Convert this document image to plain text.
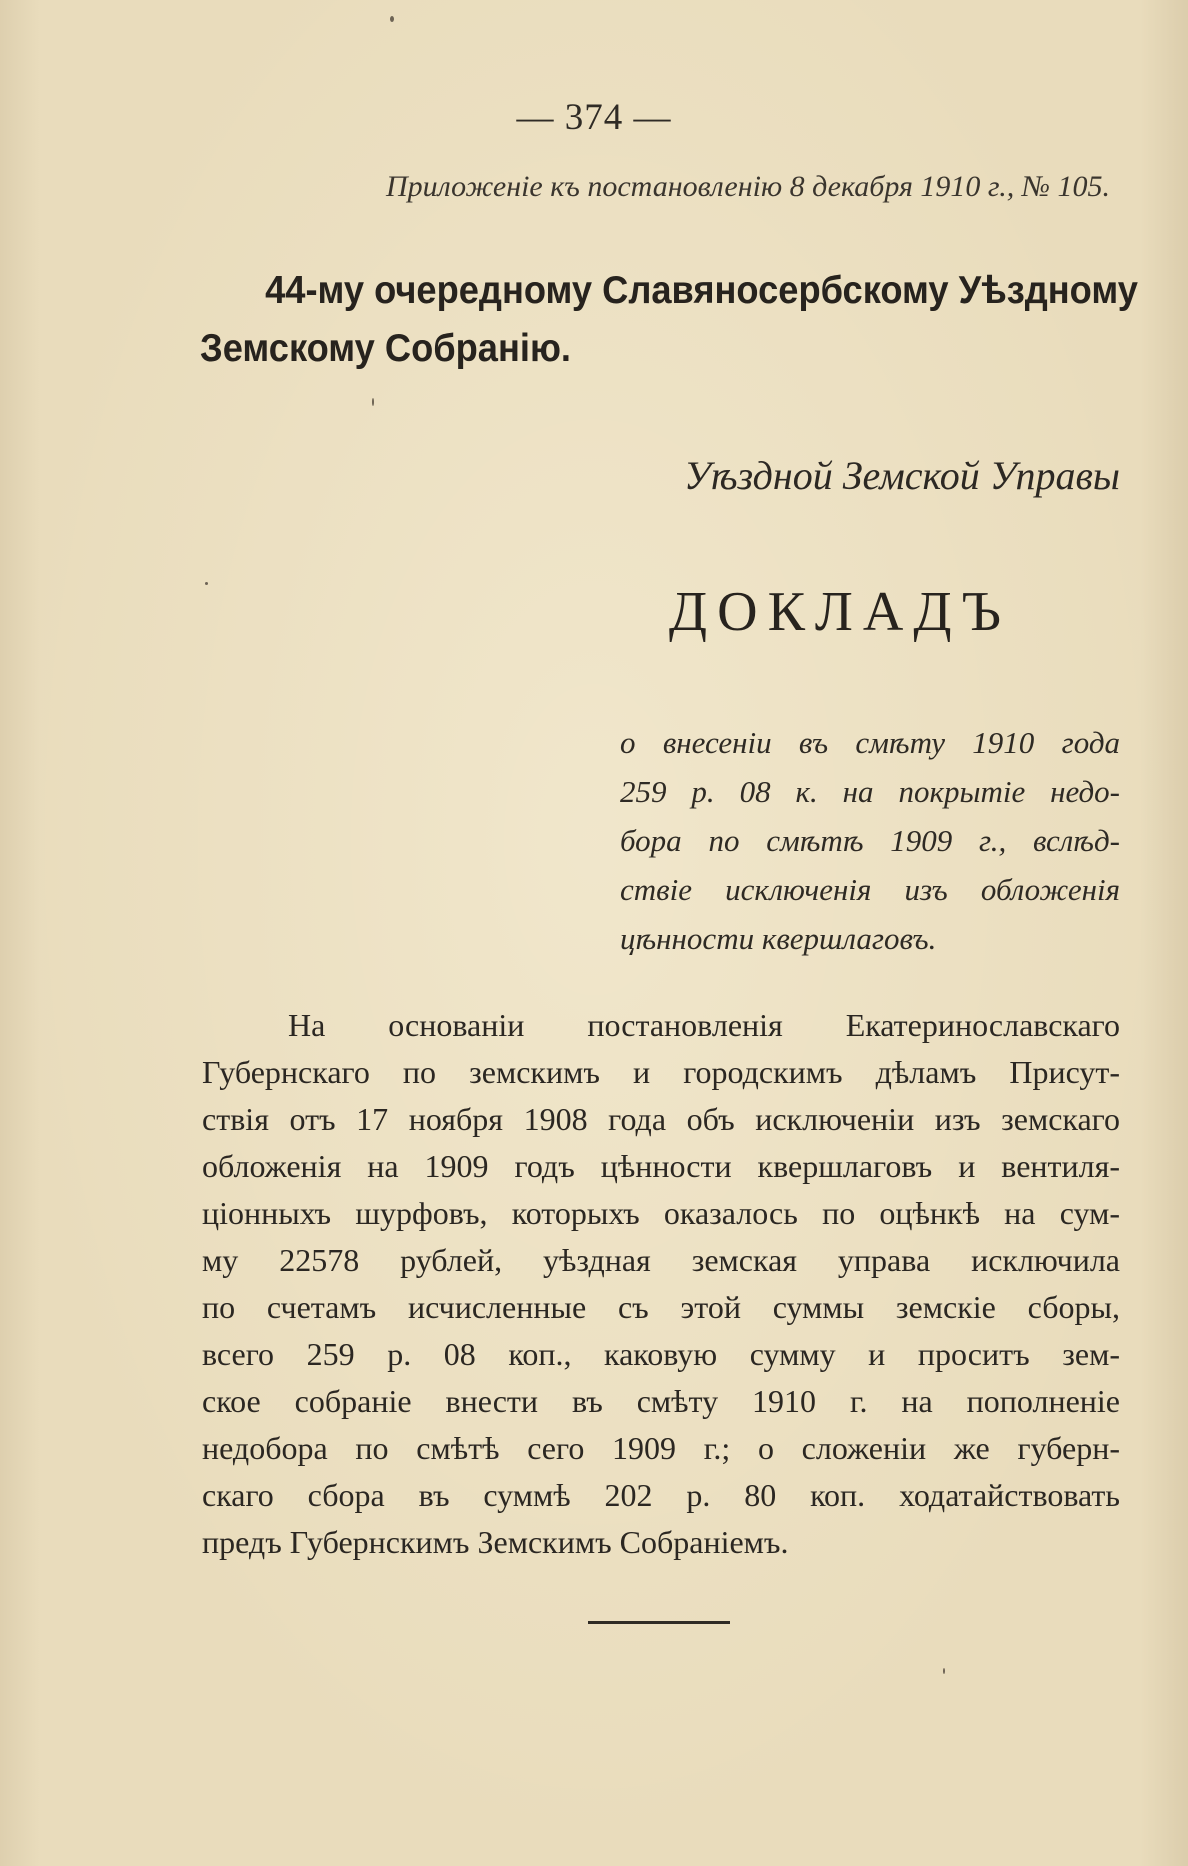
— 374 —
Приложеніе къ постановленію 8 декабря 1910 г., № 105.
44-му очередному Славяносербскому Уѣздному
Земскому Собранію.
Уѣздной Земской Управы
ДОКЛАДЪ
о внесеніи въ смѣту 1910 года
259 р. 08 к. на покрытіе недо-
бора по смѣтѣ 1909 г., вслѣд-
ствіе исключенія изъ обложенія
цѣнности квершлаговъ.
На основаніи постановленія Екатеринославскаго
Губернскаго по земскимъ и городскимъ дѣламъ Присут-
ствія отъ 17 ноября 1908 года объ исключеніи изъ земскаго
обложенія на 1909 годъ цѣнности квершлаговъ и вентиля-
ціонныхъ шурфовъ, которыхъ оказалось по оцѣнкѣ на сум-
му 22578 рублей, уѣздная земская управа исключила
по счетамъ исчисленные съ этой суммы земскіе сборы,
всего 259 р. 08 коп., каковую сумму и проситъ зем-
ское собраніе внести въ смѣту 1910 г. на пополненіе
недобора по смѣтѣ сего 1909 г.; о сложеніи же губерн-
скаго сбора въ суммѣ 202 р. 80 коп. ходатайствовать
предъ Губернскимъ Земскимъ Собраніемъ.
